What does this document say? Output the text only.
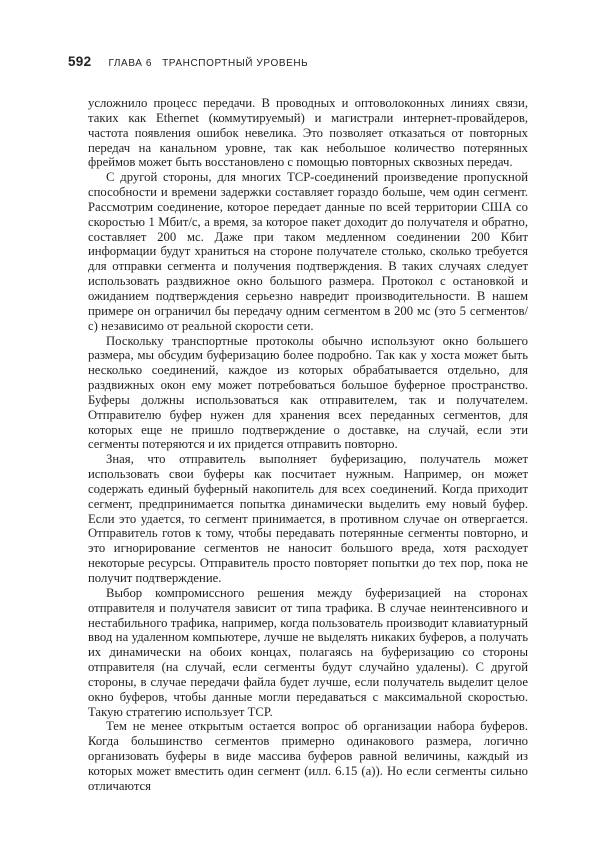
592 ГЛАВА 6 ТРАНСПОРТНЫЙ УРОВЕНЬ

усложнило процесс передачи. В проводных и оптоволоконных линиях связи, таких как Ethernet (коммутируемый) и магистрали интернет-провайдеров, частота появления ошибок невелика. Это позволяет отказаться от повторных передач на канальном уровне, так как небольшое количество потерянных фреймов может быть восстановлено с помощью повторных сквозных передач.

С другой стороны, для многих TCP-соединений произведение пропускной способности и времени задержки составляет гораздо больше, чем один сегмент. Рассмотрим соединение, которое передает данные по всей территории США со скоростью 1 Мбит/с, а время, за которое пакет доходит до получателя и обратно, составляет 200 мс. Даже при таком медленном соединении 200 Кбит информации будут храниться на стороне получателе столько, сколько требуется для отправки сегмента и получения подтверждения. В таких случаях следует использовать раздвижное окно большого размера. Протокол с остановкой и ожиданием подтверждения серьезно навредит производительности. В нашем примере он ограничил бы передачу одним сегментом в 200 мс (это 5 сегментов/с) независимо от реальной скорости сети.

Поскольку транспортные протоколы обычно используют окно большего размера, мы обсудим буферизацию более подробно. Так как у хоста может быть несколько соединений, каждое из которых обрабатывается отдельно, для раздвижных окон ему может потребоваться большое буферное пространство. Буферы должны использоваться как отправителем, так и получателем. Отправителю буфер нужен для хранения всех переданных сегментов, для которых еще не пришло подтверждение о доставке, на случай, если эти сегменты потеряются и их придется отправить повторно.

Зная, что отправитель выполняет буферизацию, получатель может использовать свои буферы как посчитает нужным. Например, он может содержать единый буферный накопитель для всех соединений. Когда приходит сегмент, предпринимается попытка динамически выделить ему новый буфер. Если это удается, то сегмент принимается, в противном случае он отвергается. Отправитель готов к тому, чтобы передавать потерянные сегменты повторно, и это игнорирование сегментов не наносит большого вреда, хотя расходует некоторые ресурсы. Отправитель просто повторяет попытки до тех пор, пока не получит подтверждение.

Выбор компромиссного решения между буферизацией на сторонах отправителя и получателя зависит от типа трафика. В случае неинтенсивного и нестабильного трафика, например, когда пользователь производит клавиатурный ввод на удаленном компьютере, лучше не выделять никаких буферов, а получать их динамически на обоих концах, полагаясь на буферизацию со стороны отправителя (на случай, если сегменты будут случайно удалены). С другой стороны, в случае передачи файла будет лучше, если получатель выделит целое окно буферов, чтобы данные могли передаваться с максимальной скоростью. Такую стратегию использует TCP.

Тем не менее открытым остается вопрос об организации набора буферов. Когда большинство сегментов примерно одинакового размера, логично организовать буферы в виде массива буферов равной величины, каждый из которых может вместить один сегмент (илл. 6.15 (а)). Но если сегменты сильно отличаются
